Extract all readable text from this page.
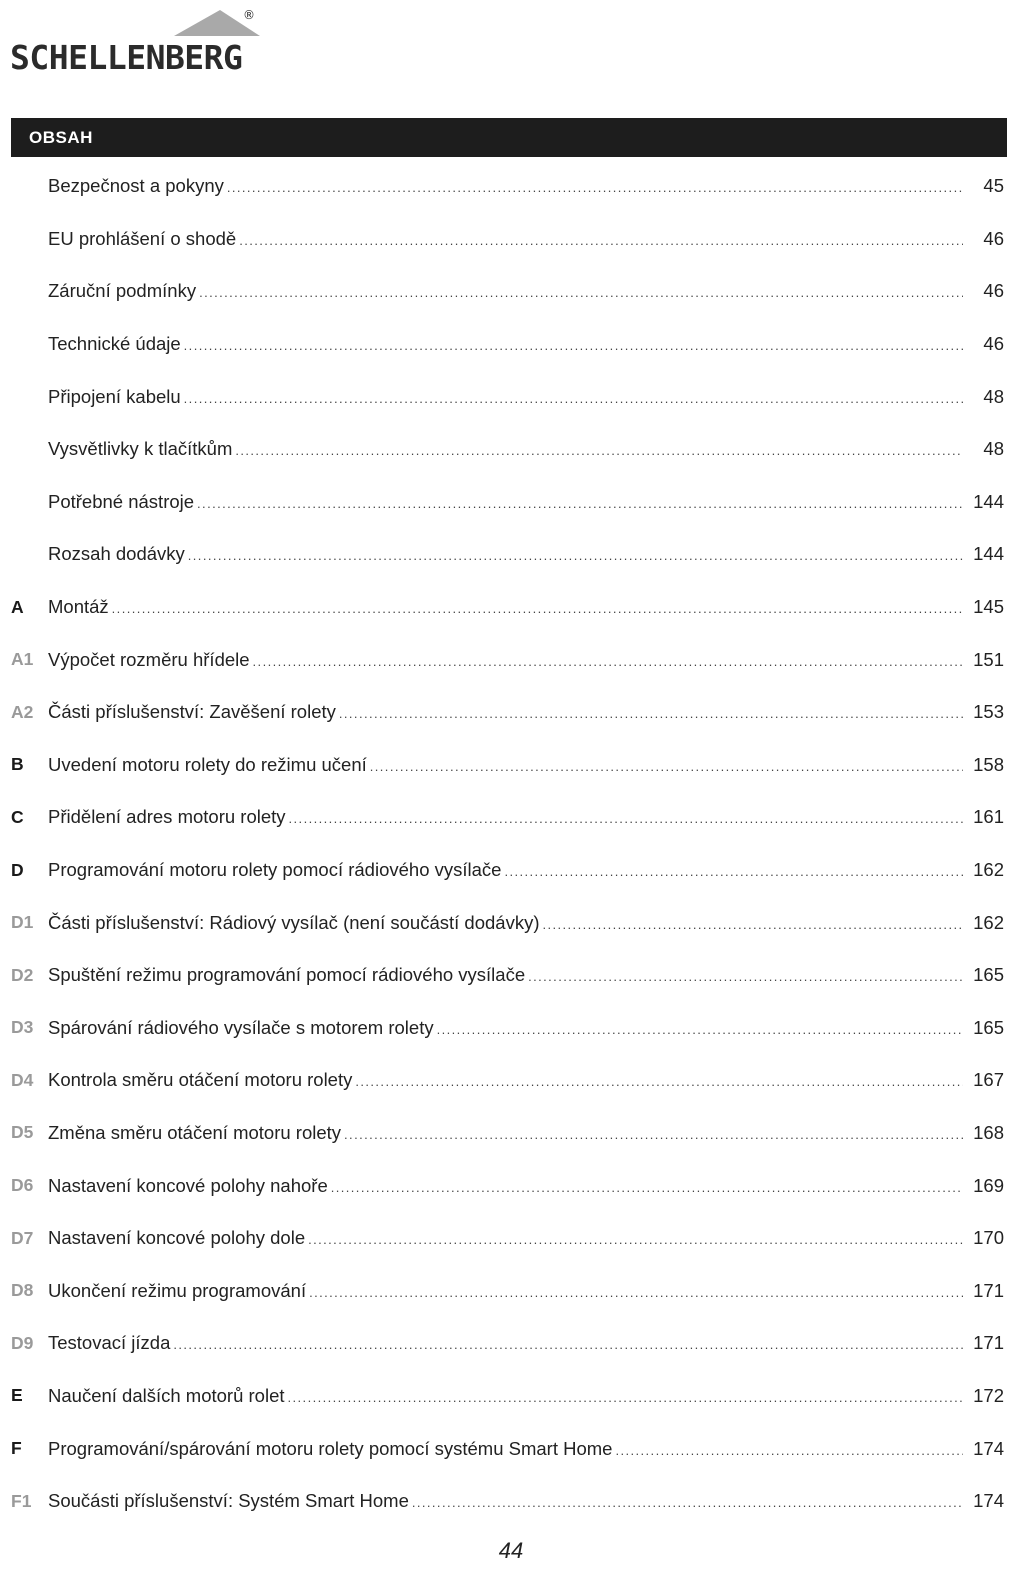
®
SCHELLENBERG
OBSAH
Bezpečnost a pokyny .....	45
EU prohlášení o shodě .....	46
Záruční podmínky .....	46
Technické údaje .....	46
Připojení kabelu .....	48
Vysvětlivky k tlačítkům .....	48
Potřebné nástroje .....	144
Rozsah dodávky .....	144
A	Montáž .....	145
A1 Výpočet rozměru hřídele .....	151
A2 Části příslušenství: Zavěšení rolety .....	153
B	Uvedení motoru rolety do režimu učení .....	158
C	Přidělení adres motoru rolety .....	161
D	Programování motoru rolety pomocí rádiového vysílače .....	162
D1 Části příslušenství: Rádiový vysílač (není součástí dodávky) .....	162
D2 Spuštění režimu programování pomocí rádiového vysílače .....	165
D3 Spárování rádiového vysílače s motorem rolety .....	165
D4 Kontrola směru otáčení motoru rolety .....	167
D5 Změna směru otáčení motoru rolety .....	168
D6 Nastavení koncové polohy nahoře .....	169
D7 Nastavení koncové polohy dole .....	170
D8 Ukončení režimu programování .....	171
D9 Testovací jízda .....	171
E	Naučení dalších motorů rolet .....	172
F	Programování/spárování motoru rolety pomocí systému Smart Home .....	174
F1 Součásti příslušenství: Systém Smart Home .....	174
44
